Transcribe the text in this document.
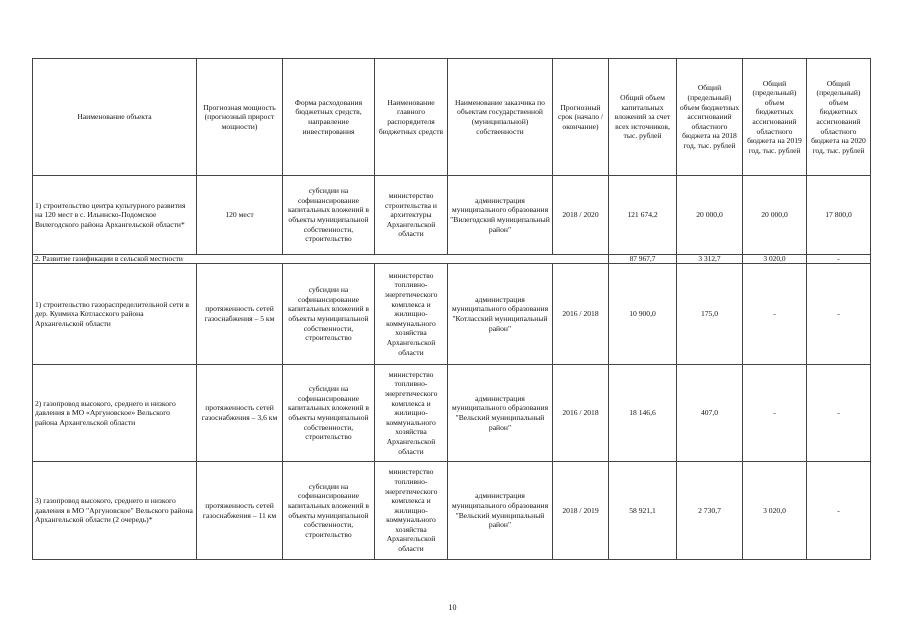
Наименование объекта	Прогнозная мощность (прогнозный прирост мощности)	Форма расходования бюджетных средств, направление инвестирования	Наименование главного распорядителя бюджетных средств	Наименование заказчика по объектам государственной (муниципальной) собственности	Прогнозный срок (начало / окончание)	Общий объем капитальных вложений за счет всех источников, тыс. рублей	Общий (предельный) объем бюджетных ассигнований областного бюджета на 2018 год, тыс. рублей	Общий (предельный) объем бюджетных ассигнований областного бюджета на 2019 год, тыс. рублей	Общий (предельный) объем бюджетных ассигнований областного бюджета на 2020 год, тыс. рублей
1) строительство центра культурного развития на 120 мест в с. Ильинско-Подомское Вилегодского района Архангельской области*	120 мест	субсидии на софинансирование капитальных вложений в объекты муниципальной собственности, строительство	министерство строительства и архитектуры Архангельской области	администрация муниципального образования "Вилегодский муниципальный район"	2018 / 2020	121 674,2	20 000,0	20 000,0	17 800,0
2. Развитие газификации в сельской местности						87 967,7	3 312,7	3 020,0	-
1) строительство газораспределительной сети в дер. Куимиха Котласского района Архангельской области	протяженность сетей газоснабжения – 5 км	субсидии на софинансирование капитальных вложений в объекты муниципальной собственности, строительство	министерство топливно-энергетического комплекса и жилищно-коммунального хозяйства Архангельской области	администрация муниципального образования "Котласский муниципальный район"	2016 / 2018	10 900,0	175,0	-	-
2) газопровод высокого, среднего и низкого давления в МО «Аргуновское» Вельского района Архангельской области	протяженность сетей газоснабжения – 3,6 км	субсидии на софинансирование капитальных вложений в объекты муниципальной собственности, строительство	министерство топливно-энергетического комплекса и жилищно-коммунального хозяйства Архангельской области	администрация муниципального образования "Вельский муниципальный район"	2016 / 2018	18 146,6	407,0	-	-
3) газопровод высокого, среднего и низкого давления в МО "Аргуновское" Вельского района Архангельской области (2 очередь)*	протяженность сетей газоснабжения – 11 км	субсидии на софинансирование капитальных вложений в объекты муниципальной собственности, строительство	министерство топливно-энергетического комплекса и жилищно-коммунального хозяйства Архангельской области	администрация муниципального образования "Вельский муниципальный район"	2018 / 2019	58 921,1	2 730,7	3 020,0	-
10
